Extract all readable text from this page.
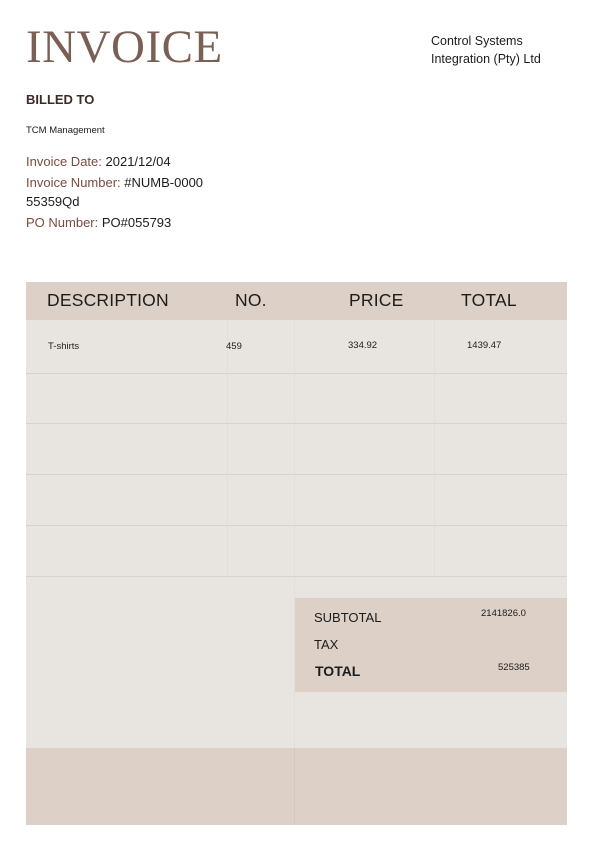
INVOICE	Control Systems
Integration (Pty) Ltd
BILLED TO
TCM Management
Invoice Date: 2021/12/04
Invoice Number: #NUMB-000055359Qd
PO Number: PO#055793
DESCRIPTION	NO.	PRICE	TOTAL
T-shirts	459	334.92	1439.47
SUBTOTAL	2141826.0
TAX
TOTAL	525385
